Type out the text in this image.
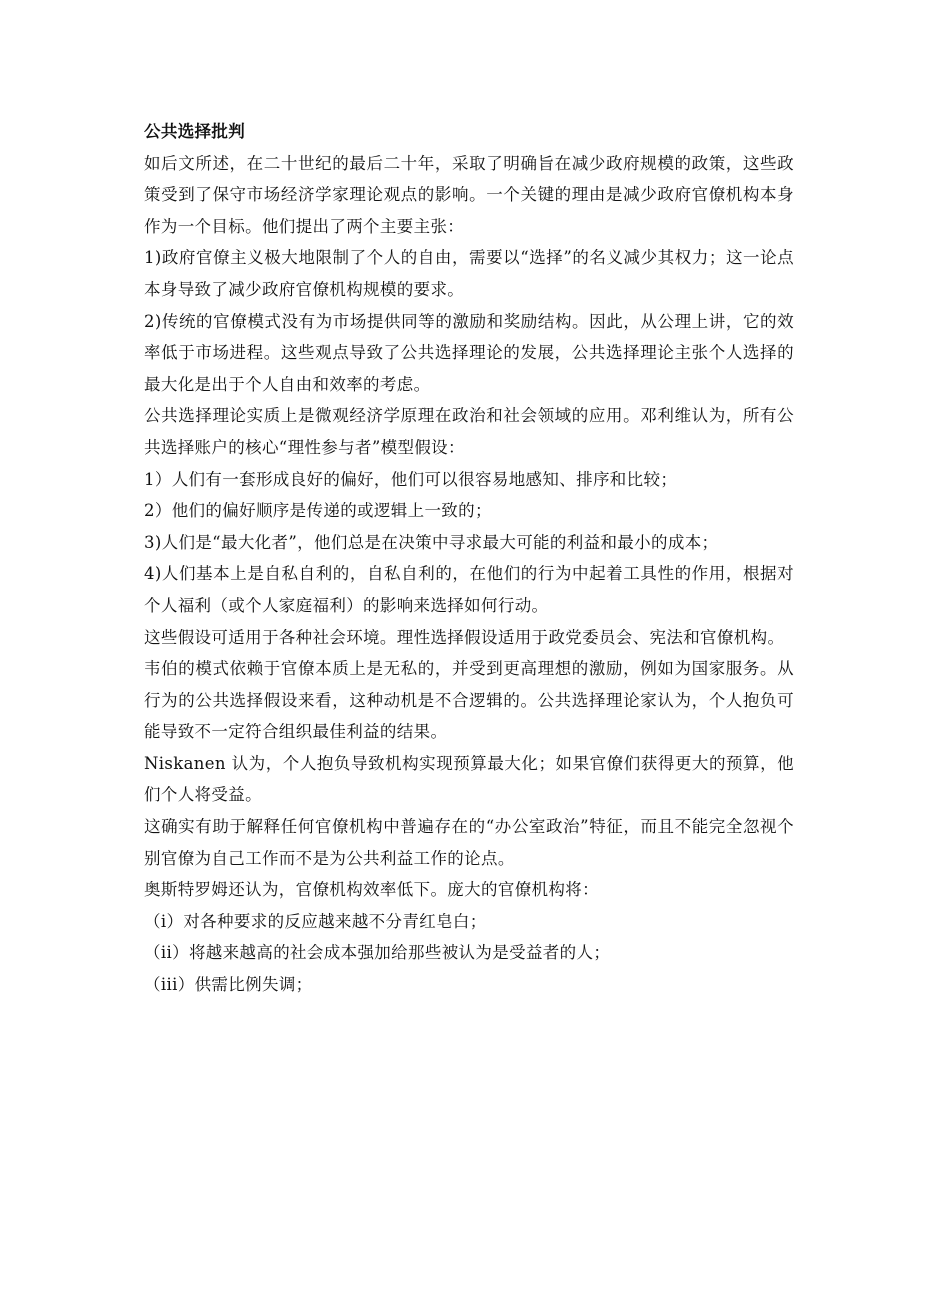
公共选择批判

如后文所述，在二十世纪的最后二十年，采取了明确旨在减少政府规模的政策，这些政策受到了保守市场经济学家理论观点的影响。一个关键的理由是减少政府官僚机构本身作为一个目标。他们提出了两个主要主张：

1)政府官僚主义极大地限制了个人的自由，需要以“选择”的名义减少其权力；这一论点本身导致了减少政府官僚机构规模的要求。

2)传统的官僚模式没有为市场提供同等的激励和奖励结构。因此，从公理上讲，它的效率低于市场进程。这些观点导致了公共选择理论的发展，公共选择理论主张个人选择的最大化是出于个人自由和效率的考虑。

公共选择理论实质上是微观经济学原理在政治和社会领域的应用。邓利维认为，所有公共选择账户的核心“理性参与者”模型假设：

1）人们有一套形成良好的偏好，他们可以很容易地感知、排序和比较；

2）他们的偏好顺序是传递的或逻辑上一致的；

3)人们是“最大化者”，他们总是在决策中寻求最大可能的利益和最小的成本；

4)人们基本上是自私自利的，自私自利的，在他们的行为中起着工具性的作用，根据对个人福利（或个人家庭福利）的影响来选择如何行动。

这些假设可适用于各种社会环境。理性选择假设适用于政党委员会、宪法和官僚机构。

韦伯的模式依赖于官僚本质上是无私的，并受到更高理想的激励，例如为国家服务。从行为的公共选择假设来看，这种动机是不合逻辑的。公共选择理论家认为，个人抱负可能导致不一定符合组织最佳利益的结果。

Niskanen 认为，个人抱负导致机构实现预算最大化；如果官僚们获得更大的预算，他们个人将受益。

这确实有助于解释任何官僚机构中普遍存在的“办公室政治”特征，而且不能完全忽视个别官僚为自己工作而不是为公共利益工作的论点。

奥斯特罗姆还认为，官僚机构效率低下。庞大的官僚机构将：

（i）对各种要求的反应越来越不分青红皂白；

（ii）将越来越高的社会成本强加给那些被认为是受益者的人；

（iii）供需比例失调；
